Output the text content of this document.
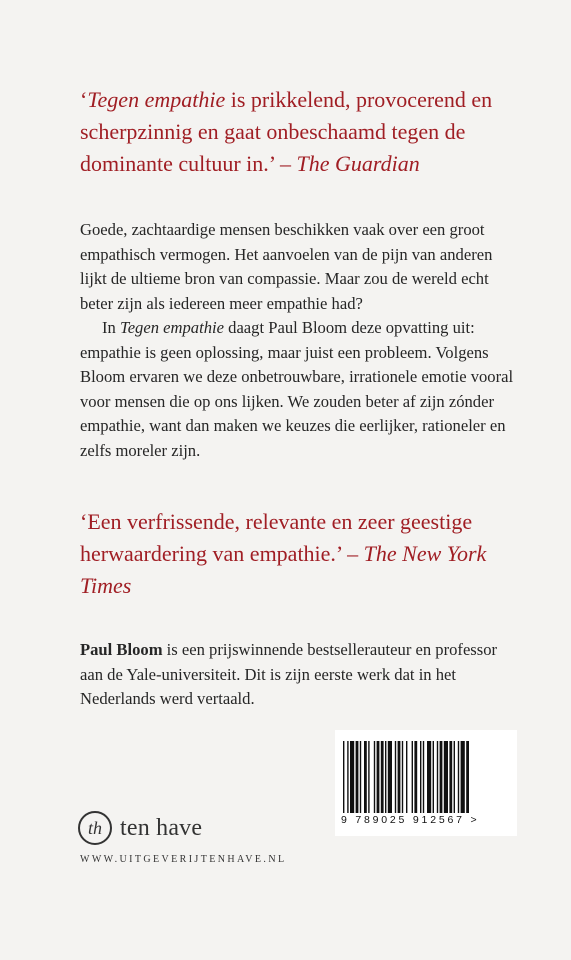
‘Tegen empathie is prikkelend, provocerend en
scherpzinnig en gaat onbeschaamd tegen de
dominante cultuur in.’ – The Guardian

Goede, zachtaardige mensen beschikken vaak over een groot empathisch vermogen. Het aanvoelen van de pijn van anderen lijkt de ultieme bron van compassie. Maar zou de wereld echt beter zijn als iedereen meer empathie had?

In Tegen empathie daagt Paul Bloom deze opvatting uit: empathie is geen oplossing, maar juist een probleem. Volgens Bloom ervaren we deze onbetrouwbare, irrationele emotie vooral voor mensen die op ons lijken. We zouden beter af zijn zónder empathie, want dan maken we keuzes die eerlijker, rationeler en zelfs moreler zijn.

‘Een verfrissende, relevante en zeer geestige herwaardering van empathie.’ – The New York Times
Paul Bloom is een prijswinnende bestsellerauteur en professor aan de Yale-universiteit. Dit is zijn eerste werk dat in het Nederlands werd vertaald.
9 789025 912567 >
th ten have
WWW.UITGEVERIJTENHAVE.NL
